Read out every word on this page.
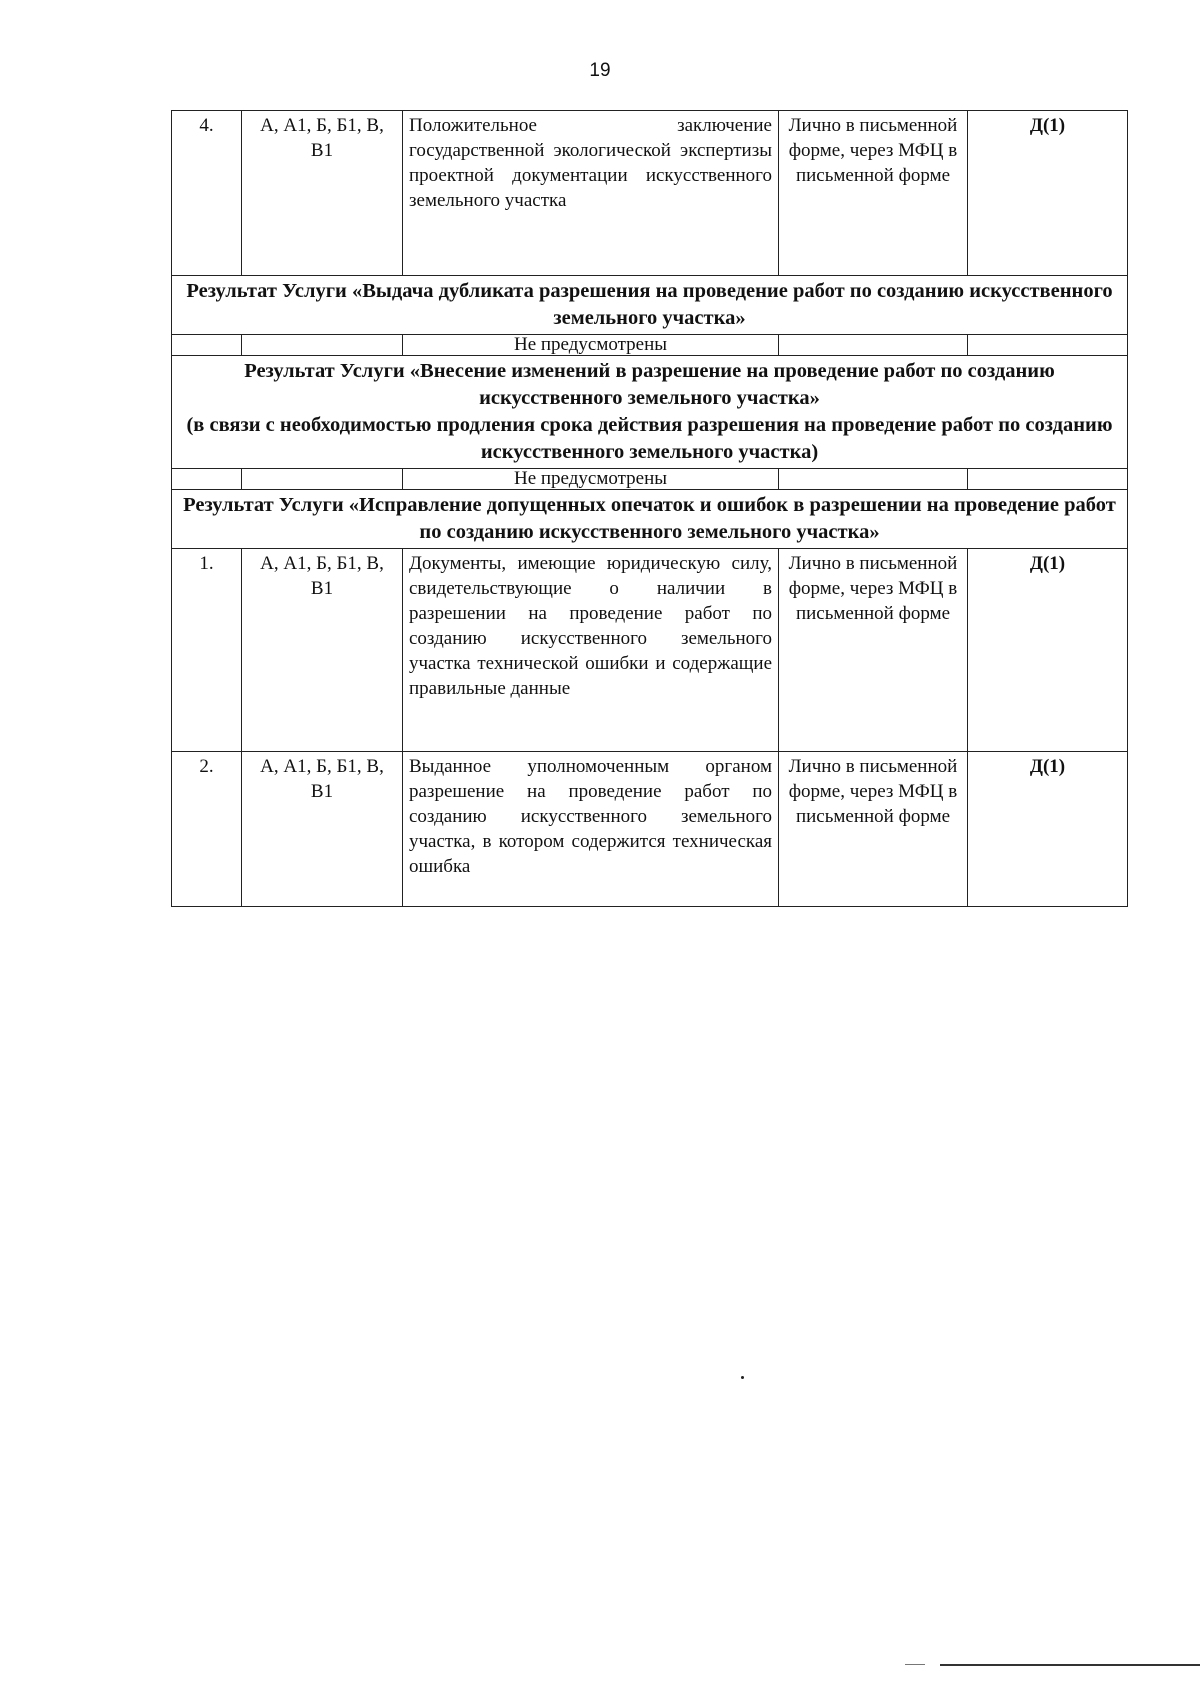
19
4.	А, А1, Б, Б1, В, В1	Положительное заключение государственной экологической экспертизы проектной документации искусственного земельного участка	Лично в письменной форме, через МФЦ в письменной форме	Д(1)
Результат Услуги «Выдача дубликата разрешения на проведение работ по созданию искусственного земельного участка»				
		Не предусмотрены		

Результат Услуги «Внесение изменений в разрешение на проведение работ по созданию искусственного земельного участка»
(в связи с необходимостью продления срока действия разрешения на проведение работ по созданию искусственного земельного участка)				

		Не предусмотрены		
Результат Услуги «Исправление допущенных опечаток и ошибок в разрешении на проведение работ по созданию искусственного земельного участка»				
1.	А, А1, Б, Б1, В, В1	Документы, имеющие юридическую силу, свидетельствующие о наличии в разрешении на проведение работ по созданию искусственного земельного участка технической ошибки и содержащие правильные данные	Лично в письменной форме, через МФЦ в письменной форме	Д(1)
2.	А, А1, Б, Б1, В, В1	Выданное уполномоченным органом разрешение на проведение работ по созданию искусственного земельного участка, в котором содержится техническая ошибка	Лично в письменной форме, через МФЦ в письменной форме	Д(1)
